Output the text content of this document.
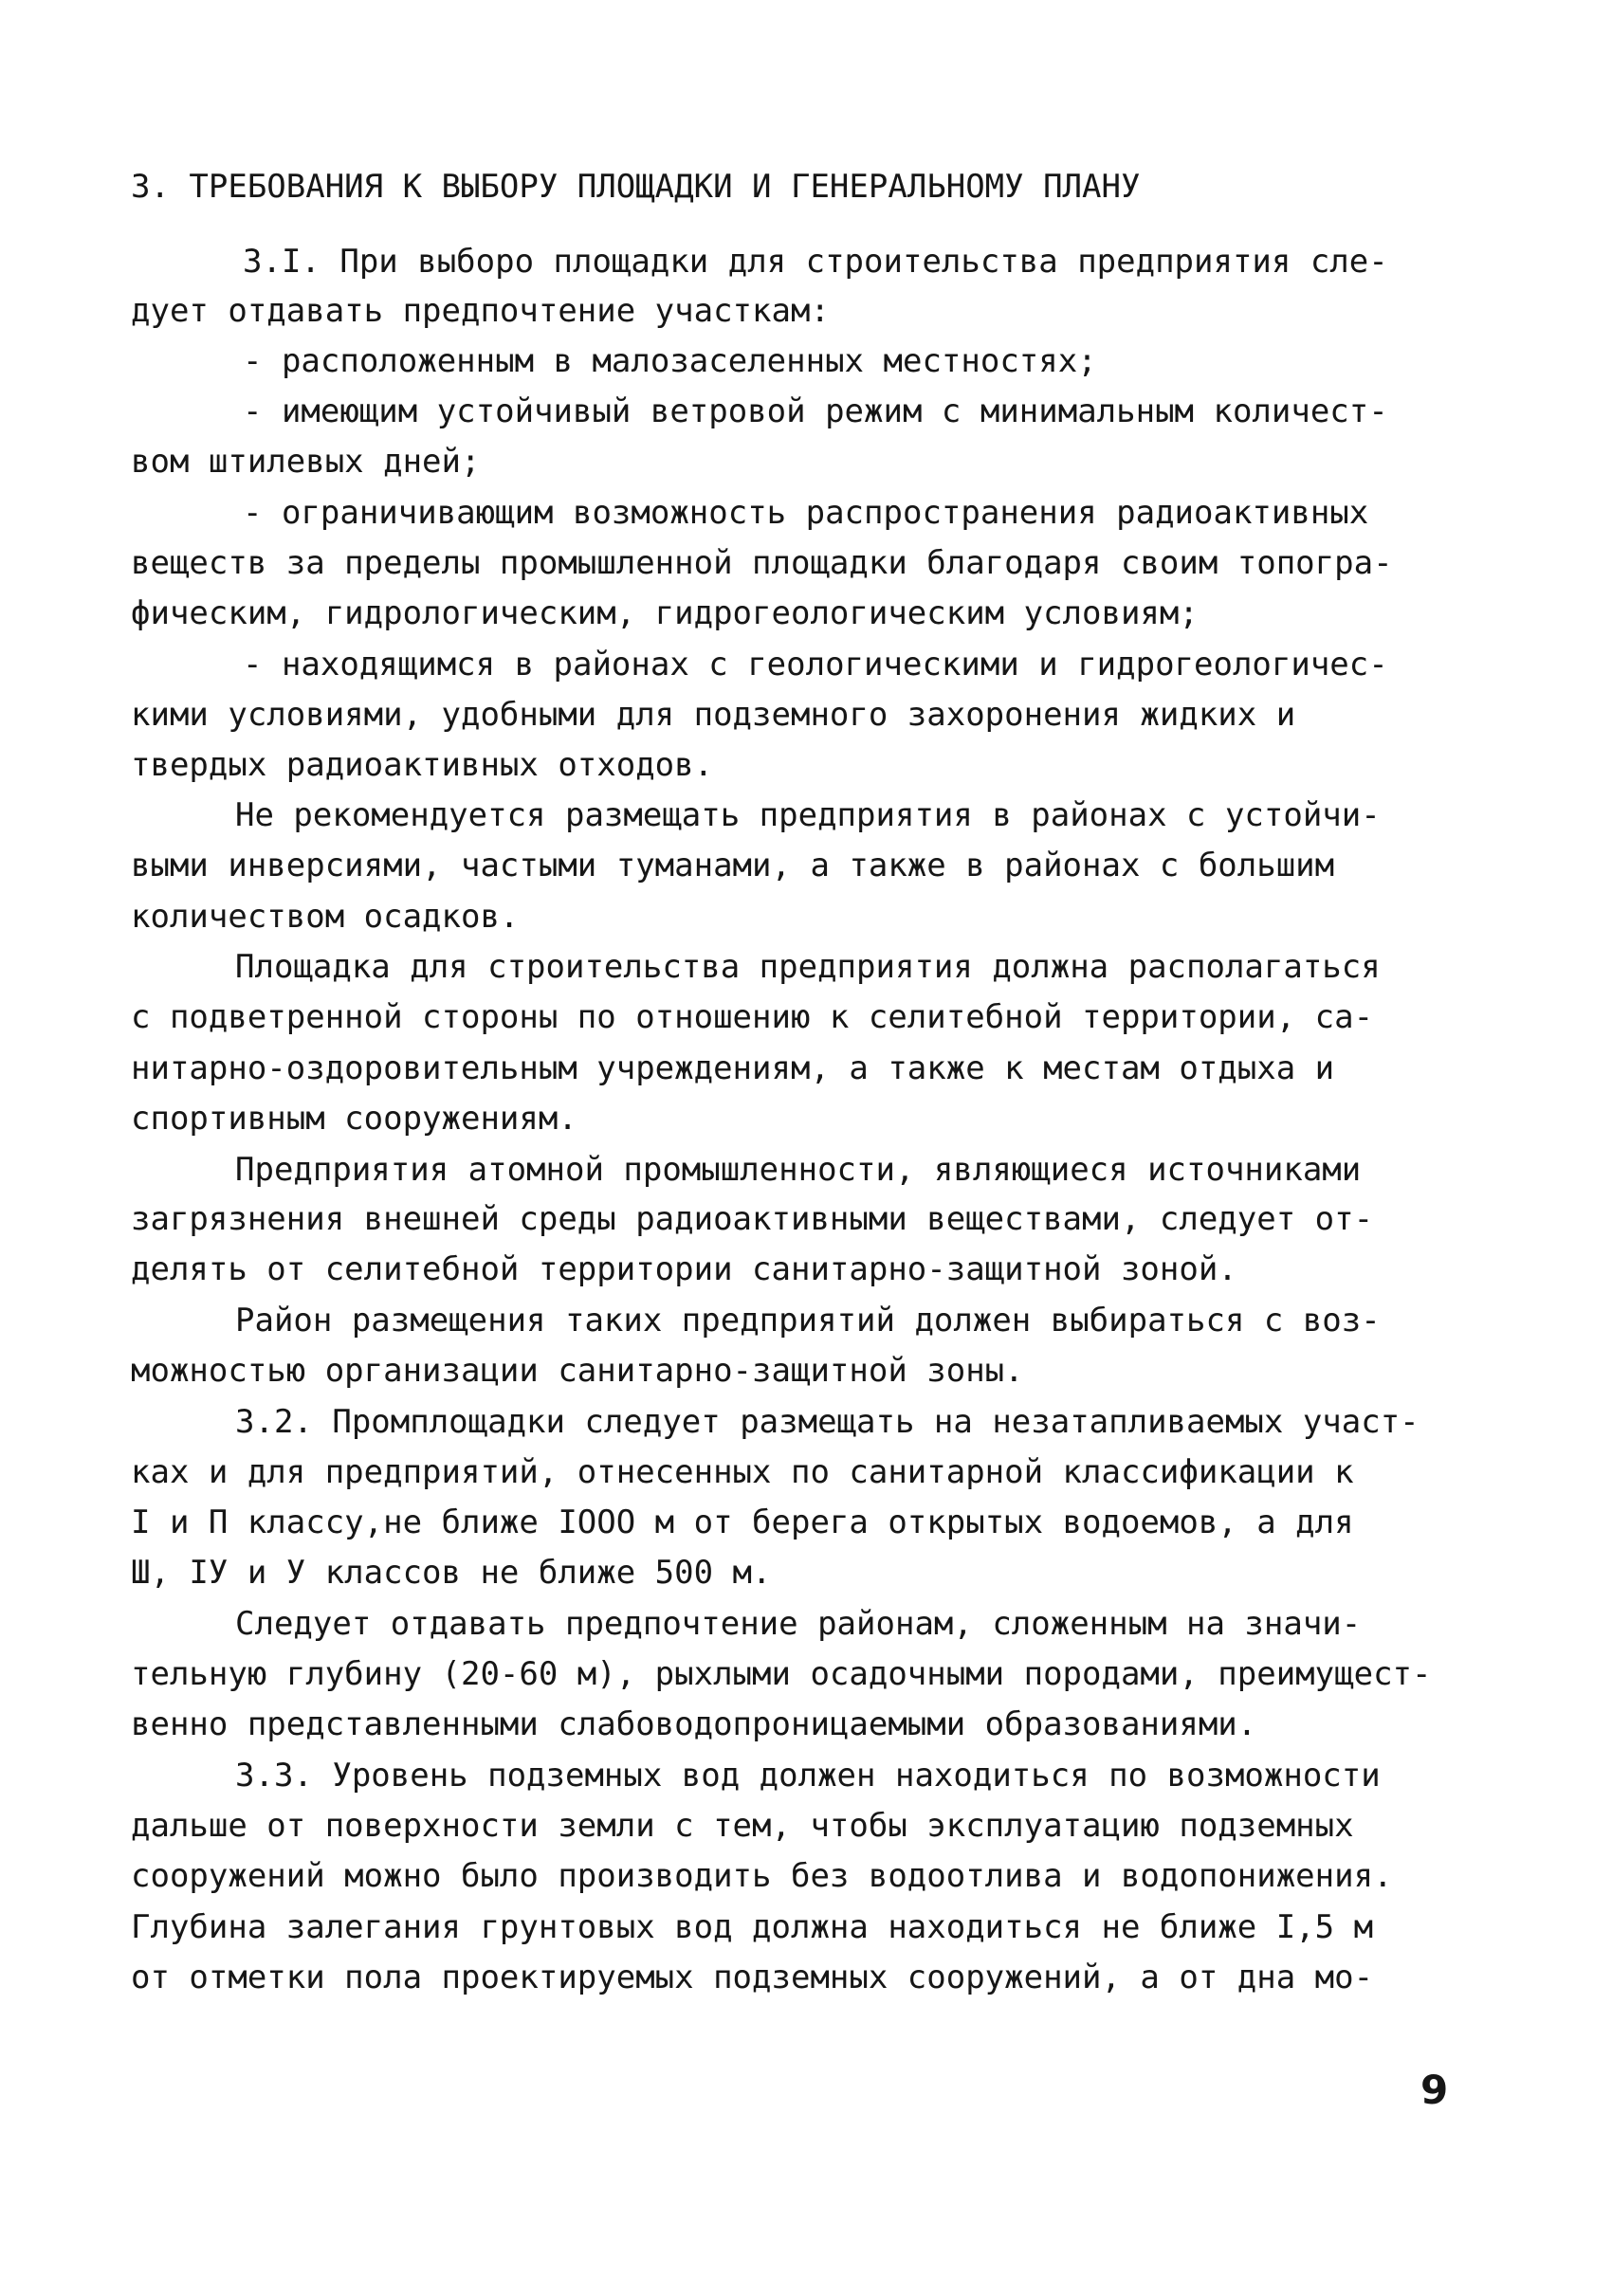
3. ТРЕБОВАНИЯ К ВЫБОРУ ПЛОЩАДКИ И ГЕНЕРАЛЬНОМУ ПЛАНУ
3.I. При выборо площадки для строительства предприятия сле-
дует отдавать предпочтение участкам:
- расположенным в малозаселенных местностях;
- имеющим устойчивый ветровой режим с минимальным количест-
вом штилевых дней;
- ограничивающим возможность распространения радиоактивных
веществ за пределы промышленной площадки благодаря своим топогра-
фическим, гидрологическим, гидрогеологическим условиям;
- находящимся в районах с геологическими и гидрогеологичес-
кими условиями, удобными для подземного захоронения жидких и
твердых радиоактивных отходов.
Не рекомендуется размещать предприятия в районах с устойчи-
выми инверсиями, частыми туманами, а также в районах с большим
количеством осадков.
Площадка для строительства предприятия должна располагаться
с подветренной стороны по отношению к селитебной территории, са-
нитарно-оздоровительным учреждениям, а также к местам отдыха и
спортивным сооружениям.
Предприятия атомной промышленности, являющиеся источниками
загрязнения внешней среды радиоактивными веществами, следует от-
делять от селитебной территории санитарно-защитной зоной.
Район размещения таких предприятий должен выбираться с воз-
можностью организации санитарно-защитной зоны.
3.2. Промплощадки следует размещать на незатапливаемых участ-
ках и для предприятий, отнесенных по санитарной классификации к
I и П классу,не ближе IOOO м от берега открытых водоемов, а для
Ш, IУ и У классов не ближе 500 м.
Следует отдавать предпочтение районам, сложенным на значи-
тельную глубину (20-60 м), рыхлыми осадочными породами, преимущест-
венно представленными слабоводопроницаемыми образованиями.
3.3. Уровень подземных вод должен находиться по возможности
дальше от поверхности земли с тем, чтобы эксплуатацию подземных
сооружений можно было производить без водоотлива и водопонижения.
Глубина залегания грунтовых вод должна находиться не ближе I,5 м
от отметки пола проектируемых подземных сооружений, а от дна мо-
9
